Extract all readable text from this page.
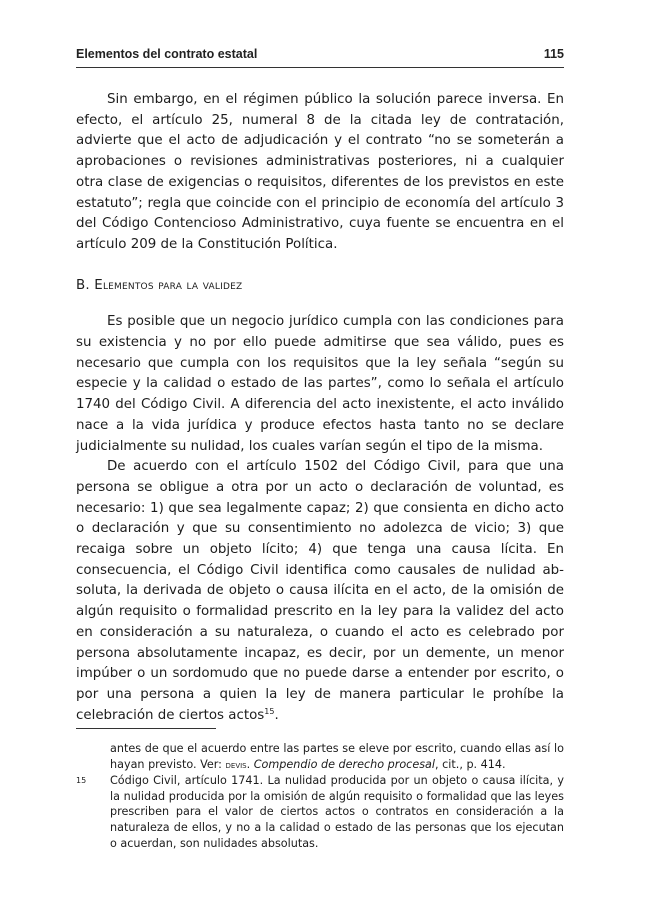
Elementos del contrato estatal	115

Sin embargo, en el régimen público la solución parece inversa. En efecto, el artículo 25, numeral 8 de la citada ley de contratación, advierte que el acto de adjudicación y el contrato “no se someterán a aprobaciones o revisiones administrativas posteriores, ni a cualquier otra clase de exigencias o requisitos, diferentes de los previstos en este estatuto”; regla que coincide con el principio de economía del artículo 3 del Código Contencioso Administrativo, cuya fuente se encuentra en el artículo 209 de la Constitución Política.

B. Elementos para la validez

Es posible que un negocio jurídico cumpla con las condiciones para su existencia y no por ello puede admitirse que sea válido, pues es necesario que cumpla con los requisitos que la ley señala “según su especie y la calidad o estado de las partes”, como lo señala el artículo 1740 del Código Civil. A diferencia del acto inexistente, el acto inválido nace a la vida jurídica y produce efectos hasta tanto no se declare judicialmente su nulidad, los cuales varían según el tipo de la misma.

De acuerdo con el artículo 1502 del Código Civil, para que una persona se obligue a otra por un acto o declaración de voluntad, es necesario: 1) que sea legalmente capaz; 2) que consienta en dicho acto o declaración y que su consentimiento no adolezca de vicio; 3) que recaiga sobre un objeto lícito; 4) que tenga una causa lícita. En consecuencia, el Código Civil identifica como causales de nulidad absoluta, la derivada de objeto o causa ilícita en el acto, de la omisión de algún requisito o formalidad prescrito en la ley para la validez del acto en consideración a su naturaleza, o cuando el acto es celebrado por persona absolutamente incapaz, es decir, por un demente, un menor impúber o un sordomudo que no puede darse a entender por escrito, o por una persona a quien la ley de manera particular le prohíbe la celebración de ciertos actos$^{15}$.

antes de que el acuerdo entre las partes se eleve por escrito, cuando ellas así lo hayan previsto. Ver: devis. Compendio de derecho procesal, cit., p. 414.
15	Código Civil, artículo 1741. La nulidad producida por un objeto o causa ilícita, y la nulidad producida por la omisión de algún requisito o formalidad que las leyes prescriben para el valor de ciertos actos o contratos en consideración a la naturaleza de ellos, y no a la calidad o estado de las personas que los ejecutan o acuerdan, son nulidades absolutas.
